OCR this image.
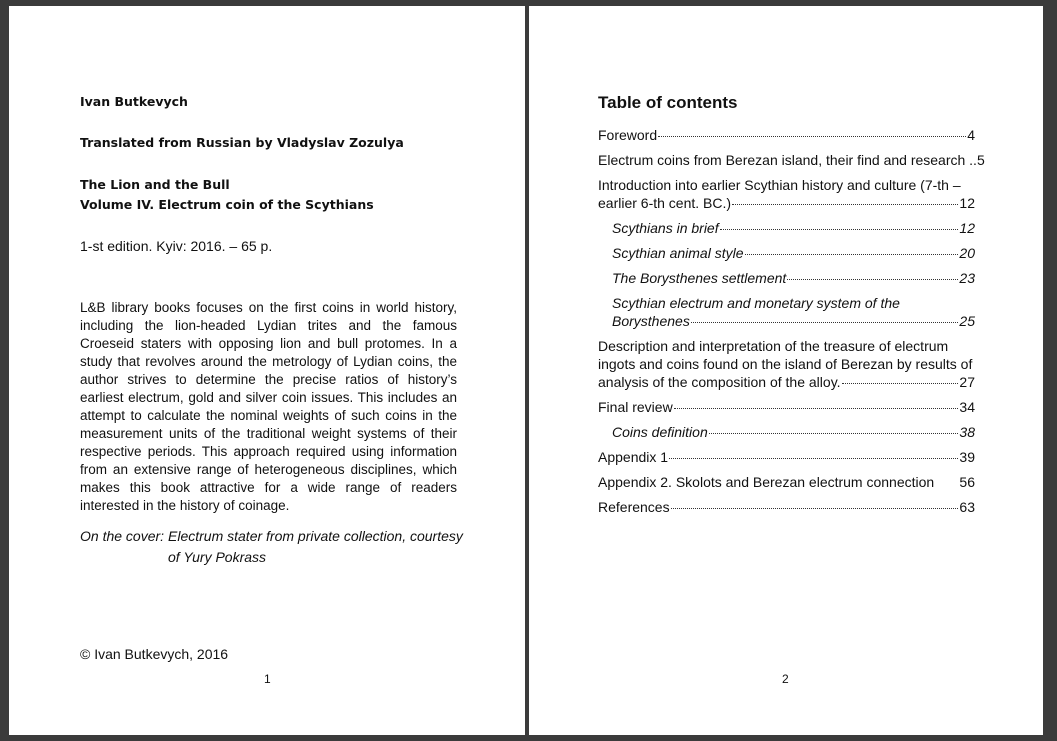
Ivan Butkevych
Translated from Russian by Vladyslav Zozulya
The Lion and the Bull
Volume IV. Electrum coin of the Scythians
1-st edition. Kyiv: 2016. – 65 p.

L&B library books focuses on the first coins in world history, including the lion-headed Lydian trites and the famous Croeseid staters with opposing lion and bull protomes. In a study that revolves around the metrology of Lydian coins, the author strives to determine the precise ratios of history’s earliest electrum, gold and silver coin issues. This includes an attempt to calculate the nominal weights of such coins in the measurement units of the traditional weight systems of their respective periods. This approach required using information from an extensive range of heterogeneous disciplines, which makes this book attractive for a wide range of readers interested in the history of coinage.

On the cover: Electrum stater from private collection, courtesy
of Yury Pokrass
© Ivan Butkevych, 2016
1
Table of contents
Foreword	4
Electrum coins from Berezan island, their find and research .. 5
Introduction into earlier Scythian history and culture (7-th –
earlier 6-th cent. BC.)	12
Scythians in brief	12
Scythian animal style	20
The Borysthenes settlement	23
Scythian electrum and monetary system of the
Borysthenes	25
Description and interpretation of the treasure of electrum
ingots and coins found on the island of Berezan by results of
analysis of the composition of the alloy.	27
Final review	34
Coins definition	38
Appendix 1	39
Appendix 2. Skolots and Berezan electrum connection 56
References	63
2
